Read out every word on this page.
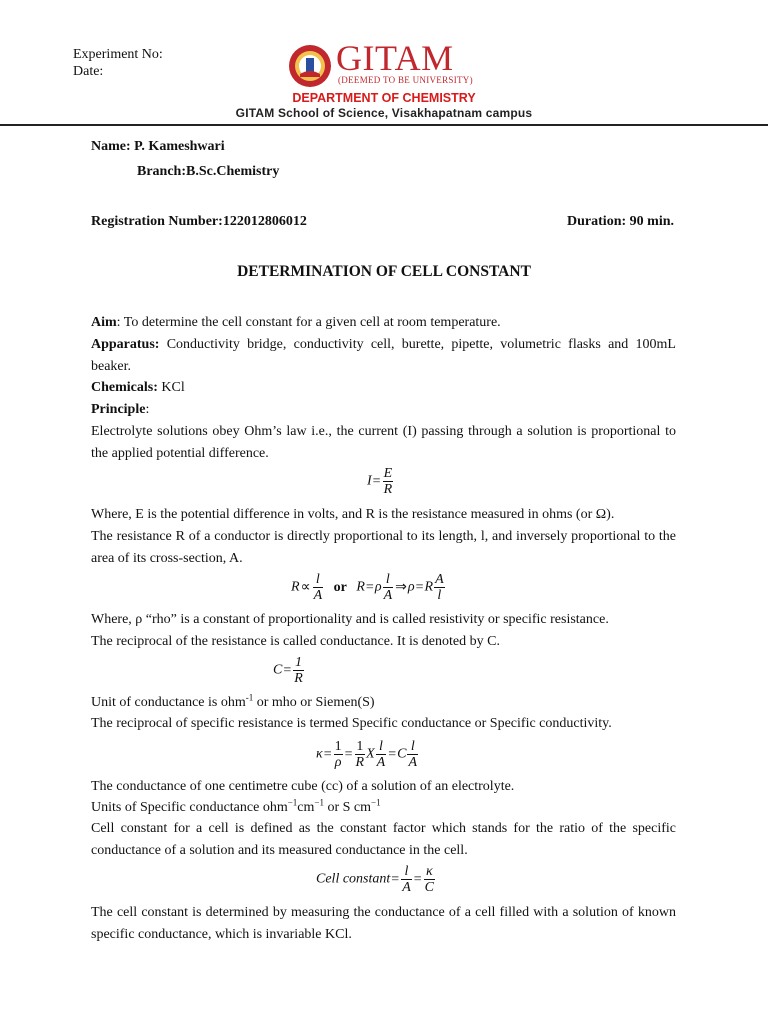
Experiment No:
Date:	GITAM
(DEEMED TO BE UNIVERSITY)
DEPARTMENT OF CHEMISTRY
GITAM School of Science, Visakhapatnam campus
Name: P. Kameshwari
Branch:B.Sc.Chemistry
Registration Number:122012806012	Duration: 90 min.
DETERMINATION OF CELL CONSTANT
Aim: To determine the cell constant for a given cell at room temperature.
Apparatus: Conductivity bridge, conductivity cell, burette, pipette, volumetric flasks and 100mL beaker.
Chemicals: KCl
Principle:
Electrolyte solutions obey Ohm’s law i.e., the current (I) passing through a solution is proportional to the applied potential difference.
$I= \frac{E}{R}$
Where, E is the potential difference in volts, and R is the resistance measured in ohms (or Ω).
The resistance R of a conductor is directly proportional to its length, l, and inversely proportional to the area of its cross-section, A.
$R\propto \frac{l}{A}$ or $R=\rho \frac{l}{A}$ ⇒ρ=R $\frac{A}{l}$
Where, ρ “rho” is a constant of proportionality and is called resistivity or specific resistance.
The reciprocal of the resistance is called conductance. It is denoted by C.
$C= \frac{1}{R}$
Unit of conductance is ohm$^{-1}$ or mho or Siemen(S)
The reciprocal of specific resistance is termed Specific conductance or Specific conductivity.
$\kappa= \frac{1}{\rho} = \frac{1}{R}$ X $\frac{l}{A} =C \frac{l}{A}$
The conductance of one centimetre cube (cc) of a solution of an electrolyte.
Units of Specific conductance $ohm^{-1}cm^{-1}$ or S $cm^{-1}$
Cell constant for a cell is defined as the constant factor which stands for the ratio of the specific conductance of a solution and its measured conductance in the cell.
Cell constant= $\frac{l}{A} = \frac{\kappa}{C}$
The cell constant is determined by measuring the conductance of a cell filled with a solution of known specific conductance, which is invariable KCl.
